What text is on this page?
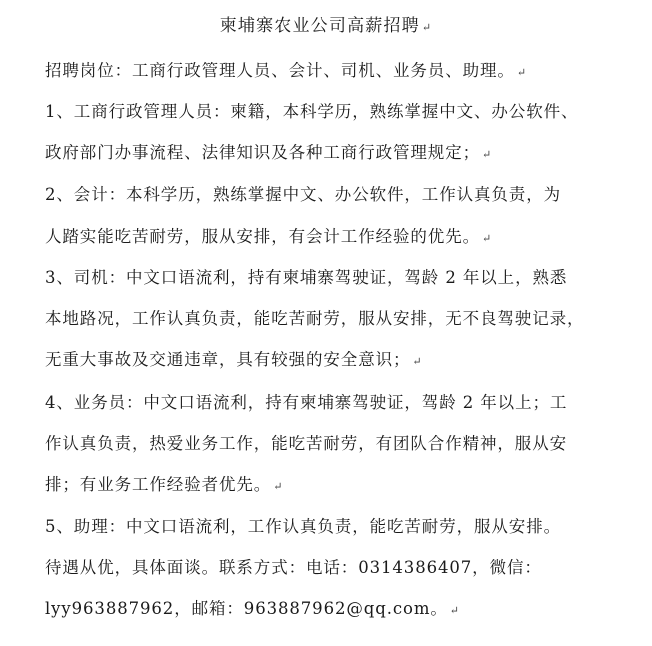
柬埔寨农业公司高薪招聘 ↵
招聘岗位：工商行政管理人员、会计、司机、业务员、助理。 ↵
1、工商行政管理人员：柬籍，本科学历，熟练掌握中文、办公软件、
政府部门办事流程、法律知识及各种工商行政管理规定； ↵
2、会计：本科学历，熟练掌握中文、办公软件，工作认真负责，为
人踏实能吃苦耐劳，服从安排，有会计工作经验的优先。 ↵
3、司机：中文口语流利，持有柬埔寨驾驶证，驾龄 2 年以上，熟悉
本地路况，工作认真负责，能吃苦耐劳，服从安排，无不良驾驶记录，
无重大事故及交通违章，具有较强的安全意识； ↵
4、业务员：中文口语流利，持有柬埔寨驾驶证，驾龄 2 年以上；工
作认真负责，热爱业务工作，能吃苦耐劳，有团队合作精神，服从安
排；有业务工作经验者优先。 ↵
5、助理：中文口语流利，工作认真负责，能吃苦耐劳，服从安排。
待遇从优，具体面谈。联系方式：电话：0314386407，微信：
lyy963887962，邮箱：963887962@qq.com。 ↵
